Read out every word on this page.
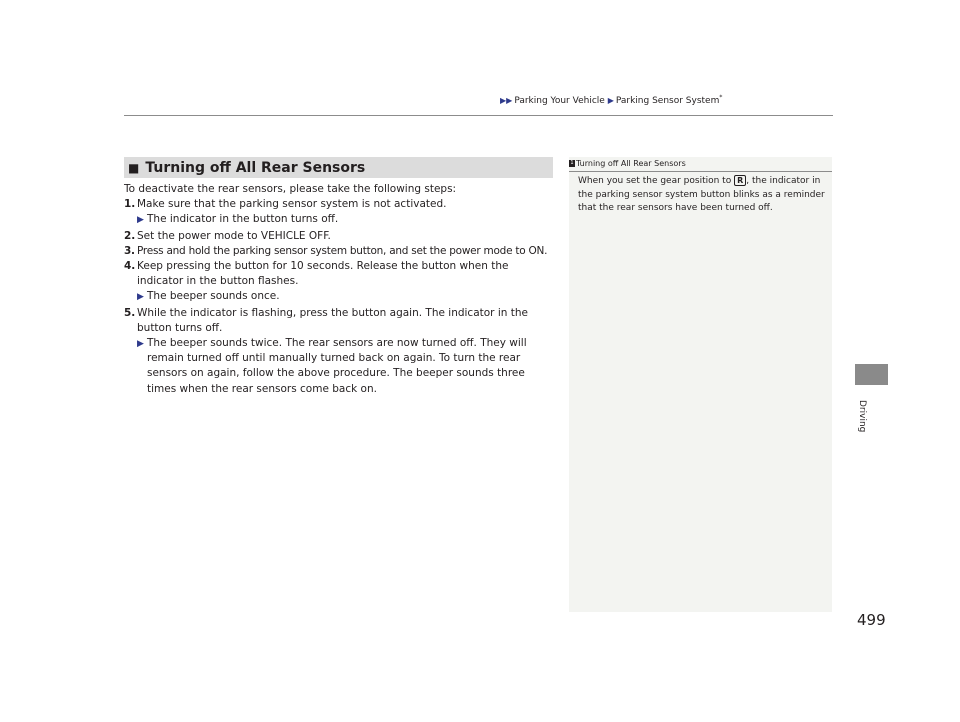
▶▶ Parking Your Vehicle ▶ Parking Sensor System*
Driving
499
■ Turning off All Rear Sensors

To deactivate the rear sensors, please take the following steps:

1. Make sure that the parking sensor system is not activated.
▶ The indicator in the button turns off.
2. Set the power mode to VEHICLE OFF.
3. Press and hold the parking sensor system button, and set the power mode to ON.
4. Keep pressing the button for 10 seconds. Release the button when the indicator in the button flashes.
▶ The beeper sounds once.
5. While the indicator is flashing, press the button again. The indicator in the button turns off.
▶ The beeper sounds twice. The rear sensors are now turned off. They will remain turned off until manually turned back on again. To turn the rear sensors on again, follow the above procedure. The beeper sounds three times when the rear sensors come back on.
1 Turning off All Rear Sensors
When you set the gear position to R , the indicator in the parking sensor system button blinks as a reminder that the rear sensors have been turned off.
